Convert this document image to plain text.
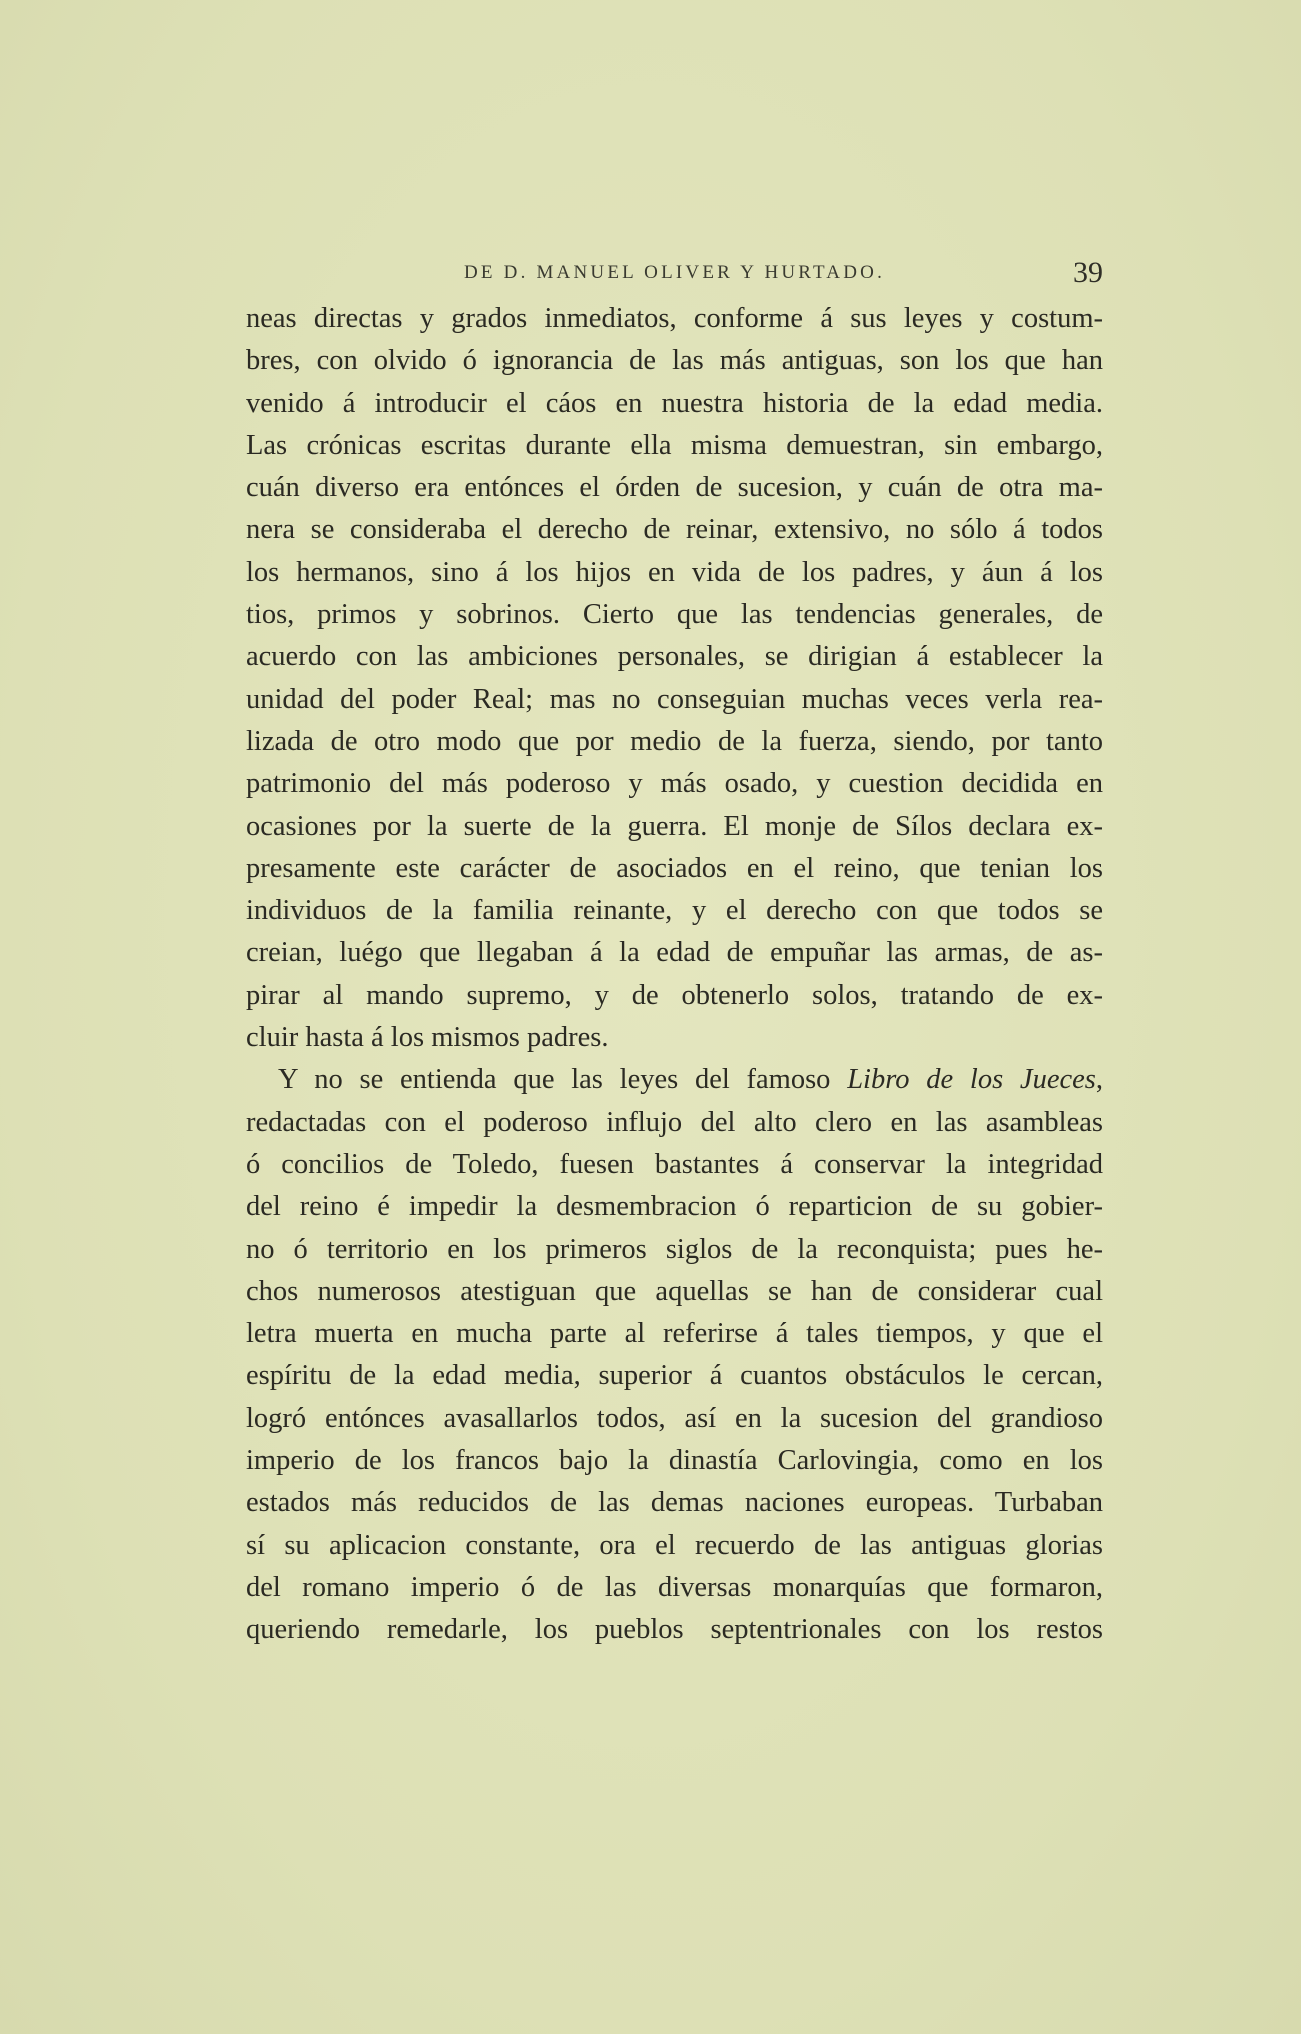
DE D. MANUEL OLIVER Y HURTADO.	39
neas directas y grados inmediatos, conforme á sus leyes y costum-
bres, con olvido ó ignorancia de las más antiguas, son los que han
venido á introducir el cáos en nuestra historia de la edad media.
Las crónicas escritas durante ella misma demuestran, sin embargo,
cuán diverso era entónces el órden de sucesion, y cuán de otra ma-
nera se consideraba el derecho de reinar, extensivo, no sólo á todos
los hermanos, sino á los hijos en vida de los padres, y áun á los
tios, primos y sobrinos. Cierto que las tendencias generales, de
acuerdo con las ambiciones personales, se dirigian á establecer la
unidad del poder Real; mas no conseguian muchas veces verla rea-
lizada de otro modo que por medio de la fuerza, siendo, por tanto
patrimonio del más poderoso y más osado, y cuestion decidida en
ocasiones por la suerte de la guerra. El monje de Sílos declara ex-
presamente este carácter de asociados en el reino, que tenian los
individuos de la familia reinante, y el derecho con que todos se
creian, luégo que llegaban á la edad de empuñar las armas, de as-
pirar al mando supremo, y de obtenerlo solos, tratando de ex-
cluir hasta á los mismos padres.
Y no se entienda que las leyes del famoso Libro de los Jueces,
redactadas con el poderoso influjo del alto clero en las asambleas
ó concilios de Toledo, fuesen bastantes á conservar la integridad
del reino é impedir la desmembracion ó reparticion de su gobier-
no ó territorio en los primeros siglos de la reconquista; pues he-
chos numerosos atestiguan que aquellas se han de considerar cual
letra muerta en mucha parte al referirse á tales tiempos, y que el
espíritu de la edad media, superior á cuantos obstáculos le cercan,
logró entónces avasallarlos todos, así en la sucesion del grandioso
imperio de los francos bajo la dinastía Carlovingia, como en los
estados más reducidos de las demas naciones europeas. Turbaban
sí su aplicacion constante, ora el recuerdo de las antiguas glorias
del romano imperio ó de las diversas monarquías que formaron,
queriendo remedarle, los pueblos septentrionales con los restos
